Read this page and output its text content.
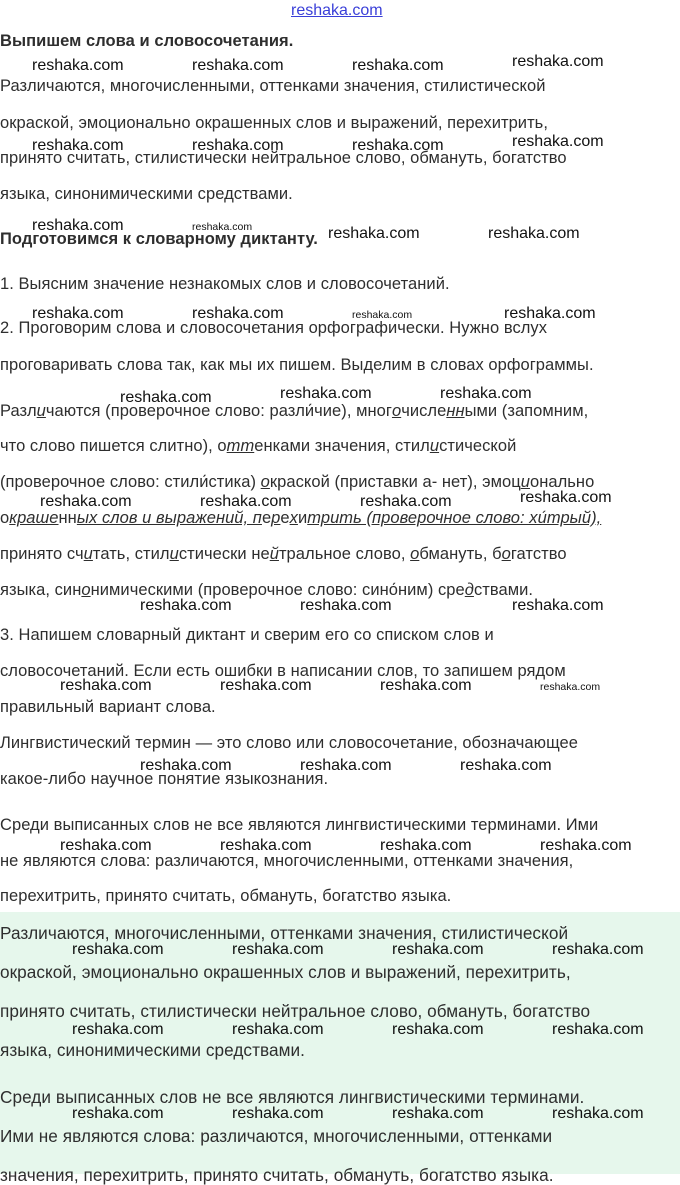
Выпишем слова и словосочетания.
Различаются, многочисленными, оттенками значения, стилистической
окраской, эмоционально окрашенных слов и выражений, перехитрить,
принято считать, стилистически нейтральное слово, обмануть, богатство
языка, синонимическими средствами.
Подготовимся к словарному диктанту.
1. Выясним значение незнакомых слов и словосочетаний.
2. Проговорим слова и словосочетания орфографически. Нужно вслух
проговаривать слова так, как мы их пишем. Выделим в словах орфограммы.
Различаются (проверочное слово: разли́чие), многочисленными (запомним,
что слово пишется слитно), оттенками значения, стилистической
(проверочное слово: стили́стика) окраской (приставки а- нет), эмоционально
окрашенных слов и выражений, перехитрить (проверочное слово: хи́трый),
принято считать, стилистически нейтральное слово, обмануть, богатство
языка, синонимическими (проверочное слово: сино́ним) средствами.
3. Напишем словарный диктант и сверим его со списком слов и
словосочетаний. Если есть ошибки в написании слов, то запишем рядом
правильный вариант слова.
Лингвистический термин — это слово или словосочетание, обозначающее
какое-либо научное понятие языкознания.
Среди выписанных слов не все являются лингвистическими терминами. Ими
не являются слова: различаются, многочисленными, оттенками значения,
перехитрить, принято считать, обмануть, богатство языка.
Различаются, многочисленными, оттенками значения, стилистической
окраской, эмоционально окрашенных слов и выражений, перехитрить,
принято считать, стилистически нейтральное слово, обмануть, богатство
языка, синонимическими средствами.
Среди выписанных слов не все являются лингвистическими терминами.
Ими не являются слова: различаются, многочисленными, оттенками
значения, перехитрить, принято считать, обмануть, богатство языка.
reshaka.com
reshaka.com	reshaka.com	reshaka.com	reshaka.com
reshaka.com	reshaka.com	reshaka.com	reshaka.com
reshaka.com	reshaka.com	reshaka.com	reshaka.com
reshaka.com	reshaka.com	reshaka.com	reshaka.com
reshaka.com	reshaka.com	reshaka.com
reshaka.com	reshaka.com	reshaka.com	reshaka.com
reshaka.com	reshaka.com	reshaka.com
reshaka.com	reshaka.com	reshaka.com	reshaka.com
reshaka.com	reshaka.com	reshaka.com
reshaka.com	reshaka.com	reshaka.com	reshaka.com
reshaka.com	reshaka.com	reshaka.com	reshaka.com
reshaka.com	reshaka.com	reshaka.com	reshaka.com
reshaka.com	reshaka.com	reshaka.com	reshaka.com
